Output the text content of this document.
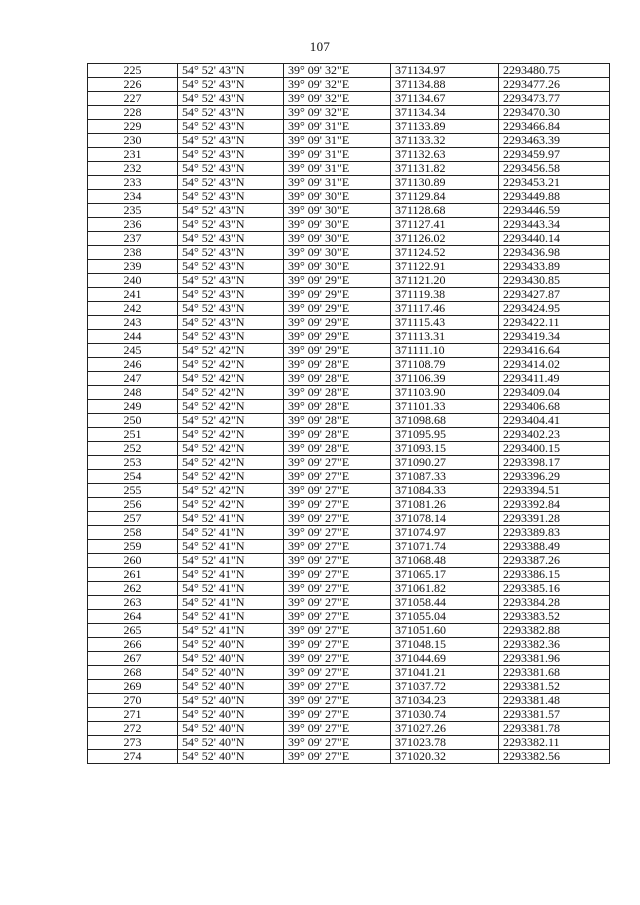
107
225	54° 52' 43"N	39° 09' 32"E	371134.97	2293480.75
226	54° 52' 43"N	39° 09' 32"E	371134.88	2293477.26
227	54° 52' 43"N	39° 09' 32"E	371134.67	2293473.77
228	54° 52' 43"N	39° 09' 32"E	371134.34	2293470.30
229	54° 52' 43"N	39° 09' 31"E	371133.89	2293466.84
230	54° 52' 43"N	39° 09' 31"E	371133.32	2293463.39
231	54° 52' 43"N	39° 09' 31"E	371132.63	2293459.97
232	54° 52' 43"N	39° 09' 31"E	371131.82	2293456.58
233	54° 52' 43"N	39° 09' 31"E	371130.89	2293453.21
234	54° 52' 43"N	39° 09' 30"E	371129.84	2293449.88
235	54° 52' 43"N	39° 09' 30"E	371128.68	2293446.59
236	54° 52' 43"N	39° 09' 30"E	371127.41	2293443.34
237	54° 52' 43"N	39° 09' 30"E	371126.02	2293440.14
238	54° 52' 43"N	39° 09' 30"E	371124.52	2293436.98
239	54° 52' 43"N	39° 09' 30"E	371122.91	2293433.89
240	54° 52' 43"N	39° 09' 29"E	371121.20	2293430.85
241	54° 52' 43"N	39° 09' 29"E	371119.38	2293427.87
242	54° 52' 43"N	39° 09' 29"E	371117.46	2293424.95
243	54° 52' 43"N	39° 09' 29"E	371115.43	2293422.11
244	54° 52' 43"N	39° 09' 29"E	371113.31	2293419.34
245	54° 52' 42"N	39° 09' 29"E	371111.10	2293416.64
246	54° 52' 42"N	39° 09' 28"E	371108.79	2293414.02
247	54° 52' 42"N	39° 09' 28"E	371106.39	2293411.49
248	54° 52' 42"N	39° 09' 28"E	371103.90	2293409.04
249	54° 52' 42"N	39° 09' 28"E	371101.33	2293406.68
250	54° 52' 42"N	39° 09' 28"E	371098.68	2293404.41
251	54° 52' 42"N	39° 09' 28"E	371095.95	2293402.23
252	54° 52' 42"N	39° 09' 28"E	371093.15	2293400.15
253	54° 52' 42"N	39° 09' 27"E	371090.27	2293398.17
254	54° 52' 42"N	39° 09' 27"E	371087.33	2293396.29
255	54° 52' 42"N	39° 09' 27"E	371084.33	2293394.51
256	54° 52' 42"N	39° 09' 27"E	371081.26	2293392.84
257	54° 52' 41"N	39° 09' 27"E	371078.14	2293391.28
258	54° 52' 41"N	39° 09' 27"E	371074.97	2293389.83
259	54° 52' 41"N	39° 09' 27"E	371071.74	2293388.49
260	54° 52' 41"N	39° 09' 27"E	371068.48	2293387.26
261	54° 52' 41"N	39° 09' 27"E	371065.17	2293386.15
262	54° 52' 41"N	39° 09' 27"E	371061.82	2293385.16
263	54° 52' 41"N	39° 09' 27"E	371058.44	2293384.28
264	54° 52' 41"N	39° 09' 27"E	371055.04	2293383.52
265	54° 52' 41"N	39° 09' 27"E	371051.60	2293382.88
266	54° 52' 40"N	39° 09' 27"E	371048.15	2293382.36
267	54° 52' 40"N	39° 09' 27"E	371044.69	2293381.96
268	54° 52' 40"N	39° 09' 27"E	371041.21	2293381.68
269	54° 52' 40"N	39° 09' 27"E	371037.72	2293381.52
270	54° 52' 40"N	39° 09' 27"E	371034.23	2293381.48
271	54° 52' 40"N	39° 09' 27"E	371030.74	2293381.57
272	54° 52' 40"N	39° 09' 27"E	371027.26	2293381.78
273	54° 52' 40"N	39° 09' 27"E	371023.78	2293382.11
274	54° 52' 40"N	39° 09' 27"E	371020.32	2293382.56
